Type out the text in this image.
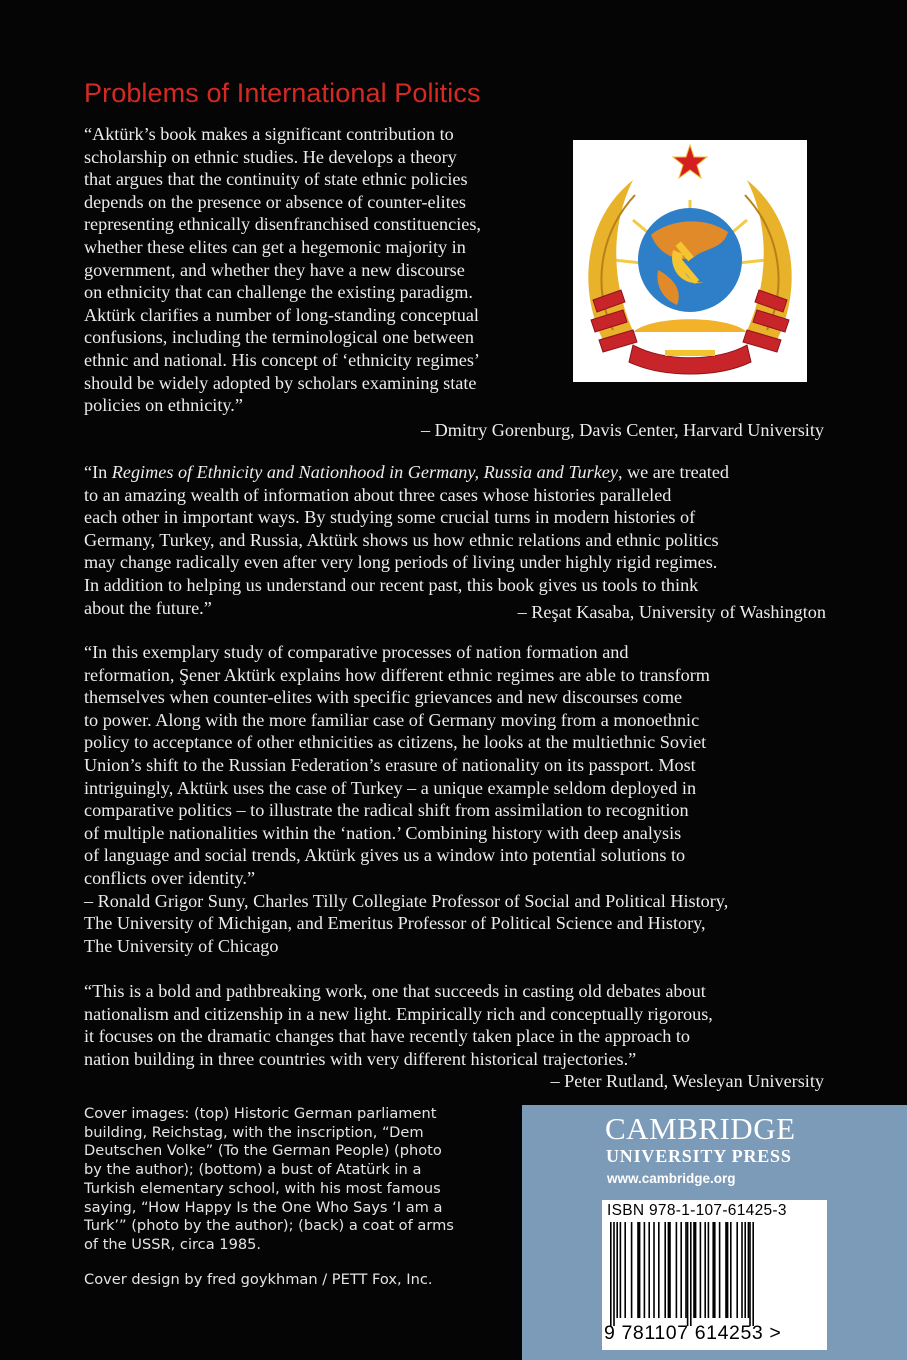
Problems of International Politics
“Aktürk’s book makes a significant contribution to
scholarship on ethnic studies. He develops a theory
that argues that the continuity of state ethnic policies
depends on the presence or absence of counter-elites
representing ethnically disenfranchised constituencies,
whether these elites can get a hegemonic majority in
government, and whether they have a new discourse
on ethnicity that can challenge the existing paradigm.
Aktürk clarifies a number of long-standing conceptual
confusions, including the terminological one between
ethnic and national. His concept of ‘ethnicity regimes’
should be widely adopted by scholars examining state
policies on ethnicity.”
– Dmitry Gorenburg, Davis Center, Harvard University
“In Regimes of Ethnicity and Nationhood in Germany, Russia and Turkey, we are treated
to an amazing wealth of information about three cases whose histories paralleled
each other in important ways. By studying some crucial turns in modern histories of
Germany, Turkey, and Russia, Aktürk shows us how ethnic relations and ethnic politics
may change radically even after very long periods of living under highly rigid regimes.
In addition to helping us understand our recent past, this book gives us tools to think
about the future.”	– Reşat Kasaba, University of Washington
“In this exemplary study of comparative processes of nation formation and
reformation, Şener Aktürk explains how different ethnic regimes are able to transform
themselves when counter-elites with specific grievances and new discourses come
to power. Along with the more familiar case of Germany moving from a monoethnic
policy to acceptance of other ethnicities as citizens, he looks at the multiethnic Soviet
Union’s shift to the Russian Federation’s erasure of nationality on its passport. Most
intriguingly, Aktürk uses the case of Turkey – a unique example seldom deployed in
comparative politics – to illustrate the radical shift from assimilation to recognition
of multiple nationalities within the ‘nation.’ Combining history with deep analysis
of language and social trends, Aktürk gives us a window into potential solutions to
conflicts over identity.”
– Ronald Grigor Suny, Charles Tilly Collegiate Professor of Social and Political History,
The University of Michigan, and Emeritus Professor of Political Science and History,
The University of Chicago
“This is a bold and pathbreaking work, one that succeeds in casting old debates about
nationalism and citizenship in a new light. Empirically rich and conceptually rigorous,
it focuses on the dramatic changes that have recently taken place in the approach to
nation building in three countries with very different historical trajectories.”
– Peter Rutland, Wesleyan University
Cover images: (top) Historic German parliament
building, Reichstag, with the inscription, “Dem
Deutschen Volke” (To the German People) (photo
by the author); (bottom) a bust of Atatürk in a
Turkish elementary school, with his most famous
saying, “How Happy Is the One Who Says ‘I am a
Turk’” (photo by the author); (back) a coat of arms
of the USSR, circa 1985.
Cover design by fred goykhman / PETT Fox, Inc.
CAMBRIDGE
UNIVERSITY PRESS
www.cambridge.org
ISBN 978-1-107-61425-3
9 781107 614253 >
